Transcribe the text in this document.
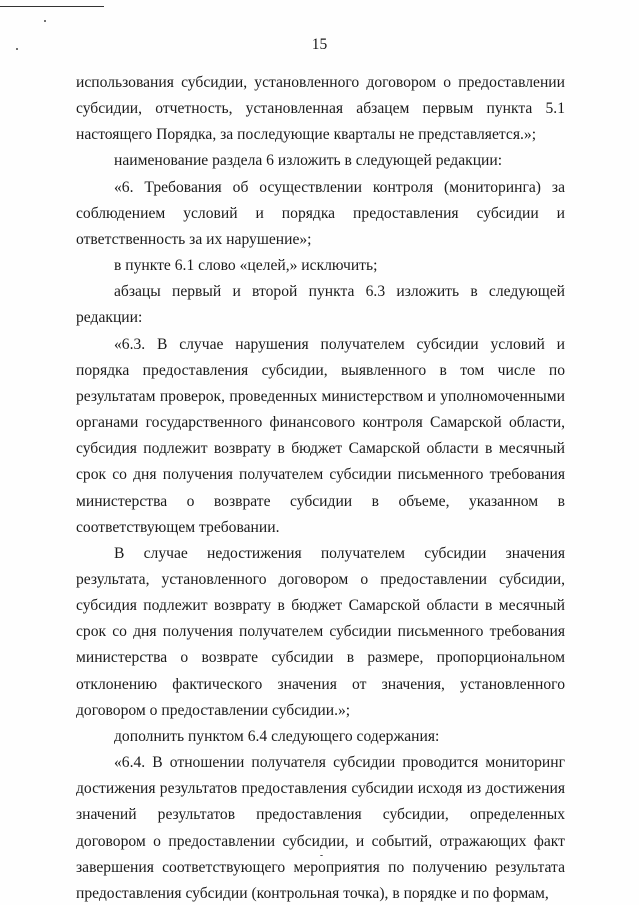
15

использования субсидии, установленного договором о предоставлении субсидии, отчетность, установленная абзацем первым пункта 5.1 настоящего Порядка, за последующие кварталы не представляется.»;

наименование раздела 6 изложить в следующей редакции:

«6. Требования об осуществлении контроля (мониторинга) за соблюдением условий и порядка предоставления субсидии и ответственность за их нарушение»;

в пункте 6.1 слово «целей,» исключить;

абзацы первый и второй пункта 6.3 изложить в следующей редакции:

«6.3. В случае нарушения получателем субсидии условий и порядка предоставления субсидии, выявленного в том числе по результатам проверок, проведенных министерством и уполномоченными органами государственного финансового контроля Самарской области, субсидия подлежит возврату в бюджет Самарской области в месячный срок со дня получения получателем субсидии письменного требования министерства о возврате субсидии в объеме, указанном в соответствующем требовании.

В случае недостижения получателем субсидии значения результата, установленного договором о предоставлении субсидии, субсидия подлежит возврату в бюджет Самарской области в месячный срок со дня получения получателем субсидии письменного требования министерства о возврате субсидии в размере, пропорциональном отклонению фактического значения от значения, установленного договором о предоставлении субсидии.»;

дополнить пунктом 6.4 следующего содержания:

«6.4. В отношении получателя субсидии проводится мониторинг достижения результатов предоставления субсидии исходя из достижения значений результатов предоставления субсидии, определенных договором о предоставлении субсидии, и событий, отражающих факт завершения соответствующего мероприятия по получению результата предоставления субсидии (контрольная точка), в порядке и по формам,
